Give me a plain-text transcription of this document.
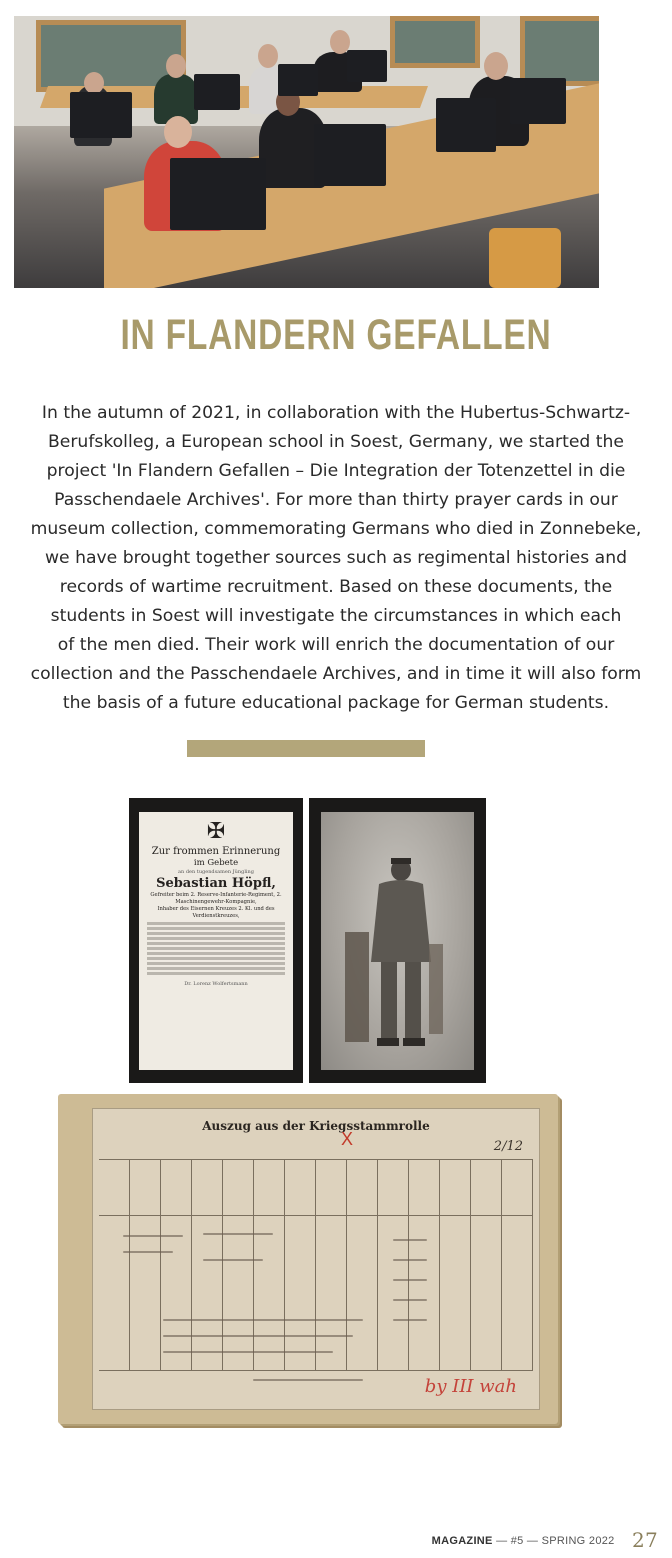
IN FLANDERN GEFALLEN
In the autumn of 2021, in collaboration with the Hubertus-Schwartz-
Berufskolleg, a European school in Soest, Germany, we started the
project 'In Flandern Gefallen – Die Integration der Totenzettel in die
Passchendaele Archives'. For more than thirty prayer cards in our
museum collection, commemorating Germans who died in Zonnebeke,
we have brought together sources such as regimental histories and
records of wartime recruitment. Based on these documents, the
students in Soest will investigate the circumstances in which each
of the men died. Their work will enrich the documentation of our
collection and the Passchendaele Archives, and in time it will also form
the basis of a future educational package for German students.
✠
Zur frommen Erinnerung
im Gebete
an den tugendsamen Jüngling
Sebastian Höpfl,
Gefreiter beim 2. Reserve-Infanterie-Regiment, 2. Maschinengewehr-Kompagnie,
Inhaber des Eisernen Kreuzes 2. Kl. und des Verdienstkreuzes,
Dr. Lorenz Wolfertsmann
Auszug aus der Kriegsstammrolle
X	2/12
by III wah
MAGAZINE — #5 — SPRING 2022 27
